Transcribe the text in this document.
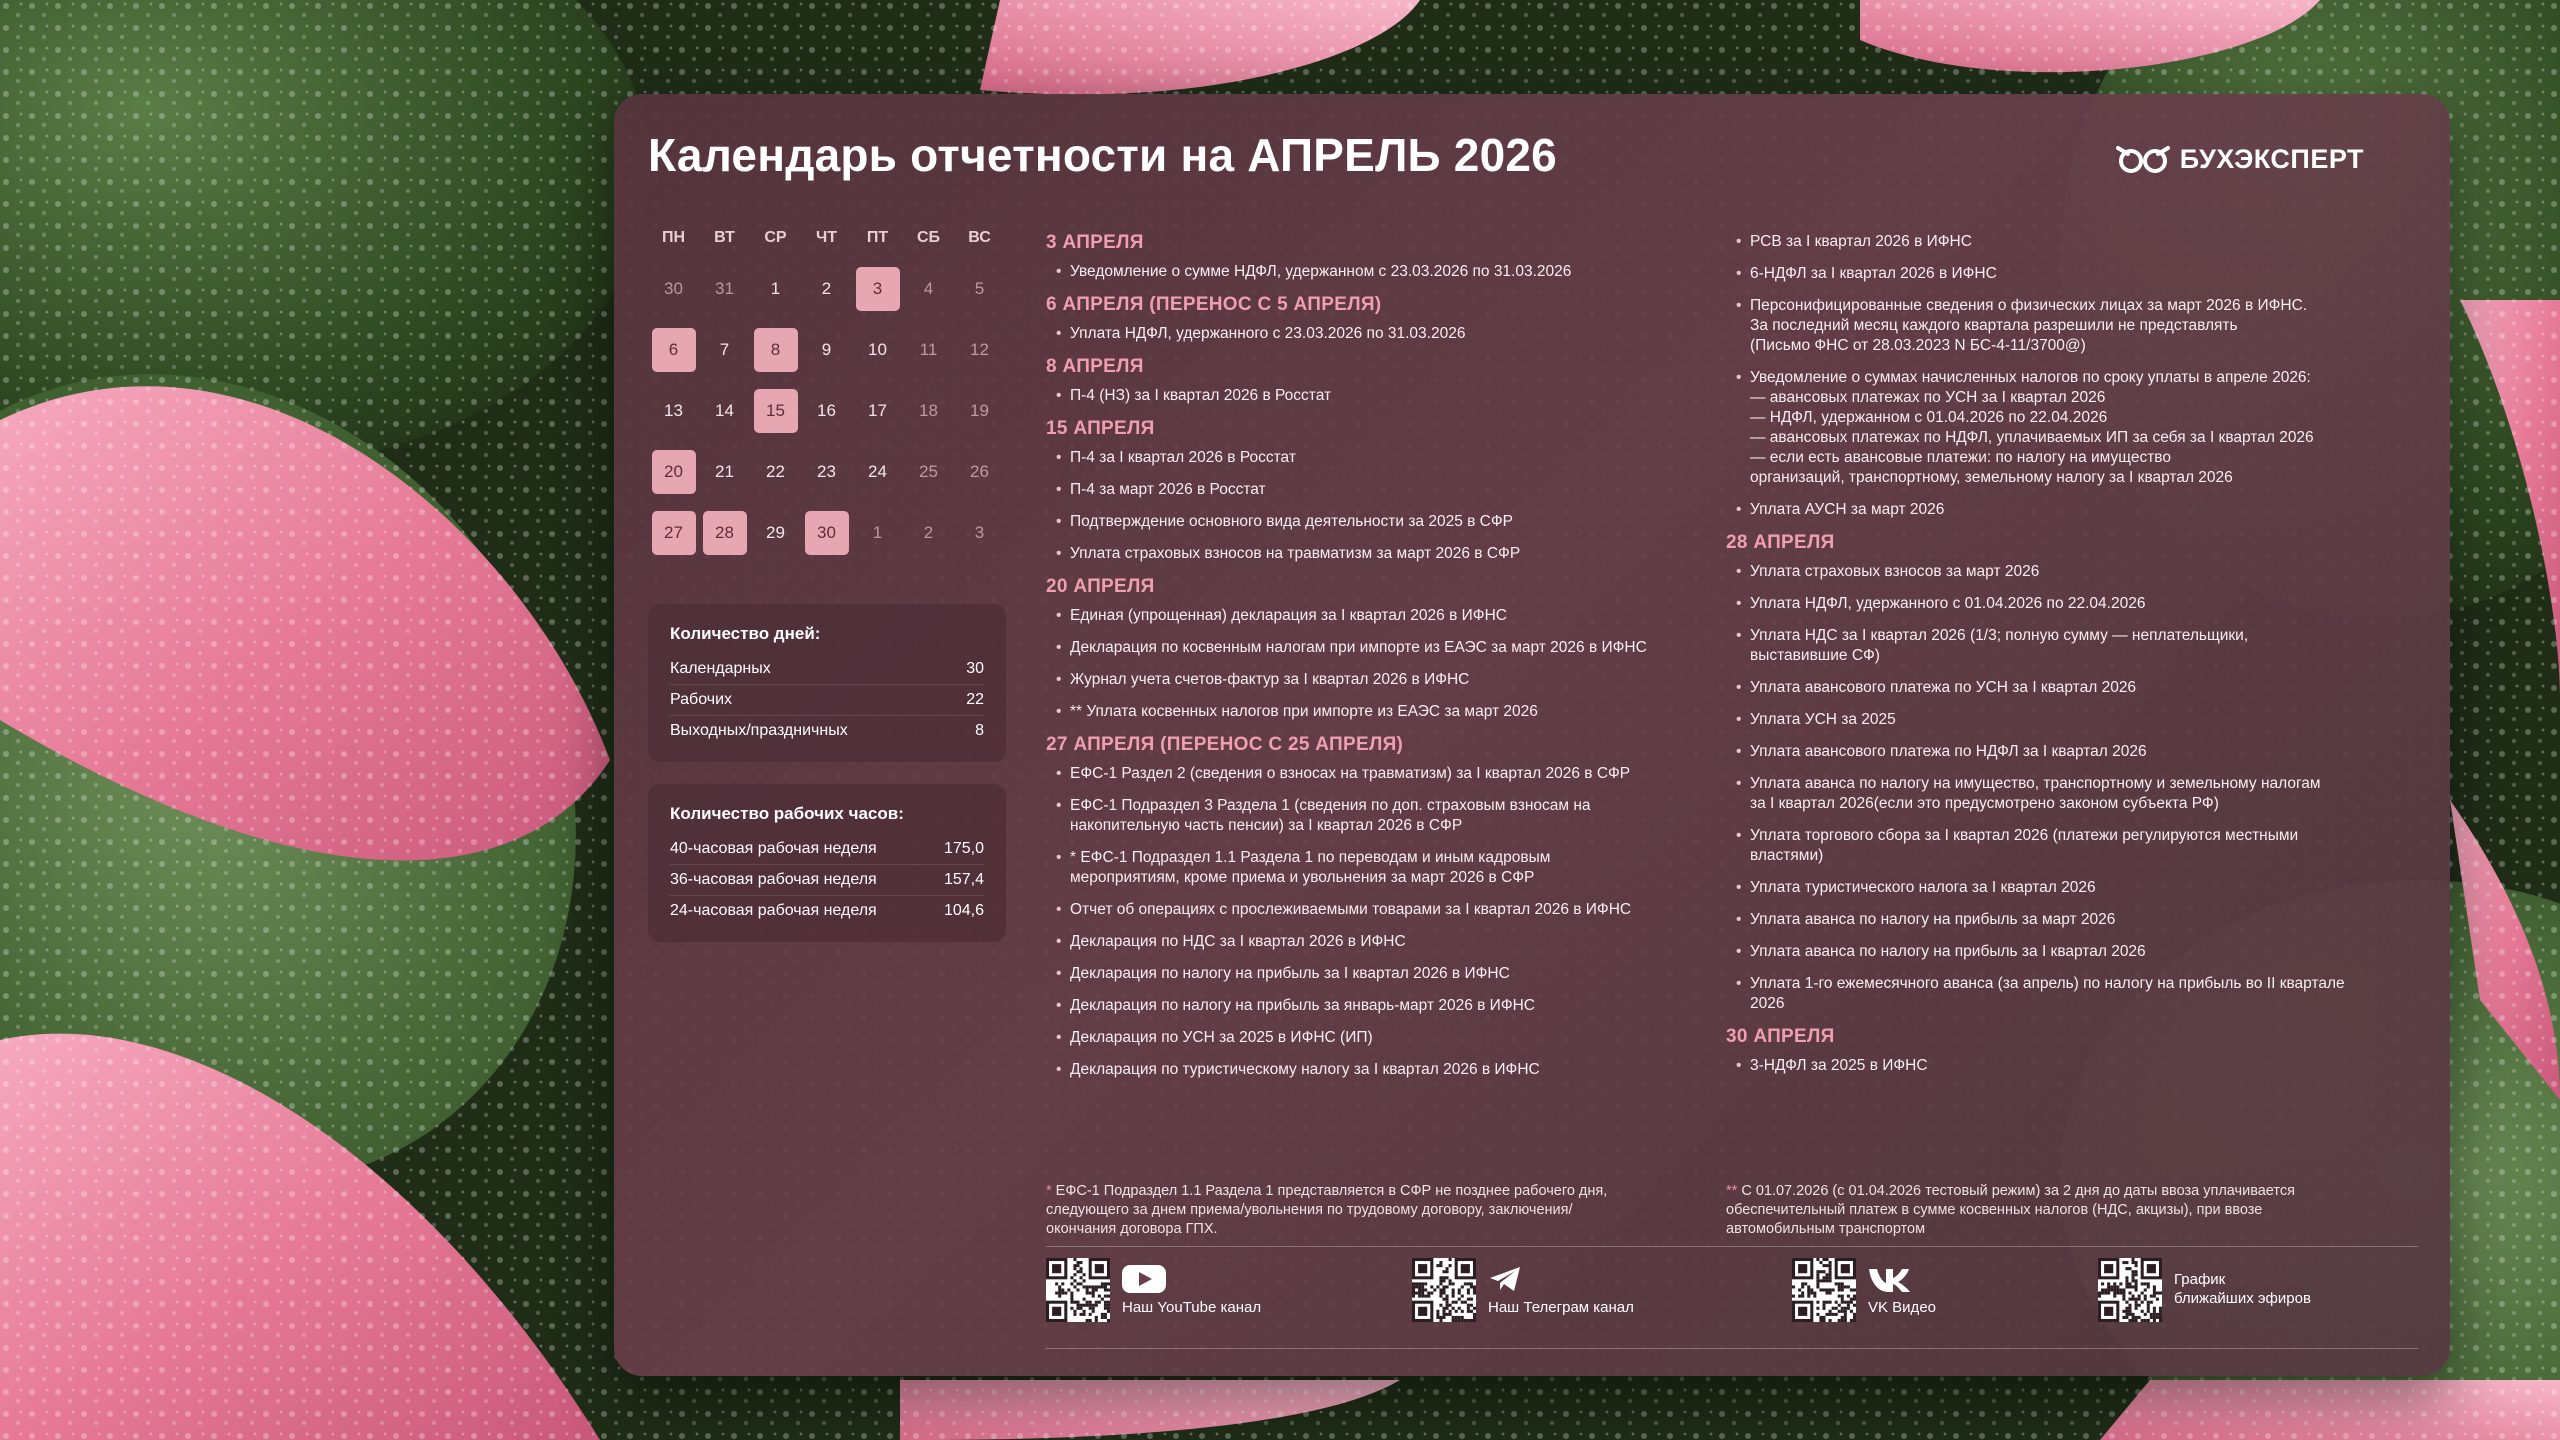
Календарь отчетности на АПРЕЛЬ 2026	БУХЭКСПЕРТ
ПН	ВТ	СР	ЧТ	ПТ	СБ	ВС
30	31	1	2	3	4	5
6	7	8	9	10	11	12
13	14	15	16	17	18	19
20	21	22	23	24	25	26
27	28	29	30	1	2	3
Количество дней:
Календарных	30
Рабочих	22
Выходных/праздничных	8
Количество рабочих часов:
40-часовая рабочая неделя	175,0
36-часовая рабочая неделя	157,4
24-часовая рабочая неделя	104,6
3 АПРЕЛЯ
• Уведомление о сумме НДФЛ, удержанном с 23.03.2026 по 31.03.2026
6 АПРЕЛЯ (ПЕРЕНОС С 5 АПРЕЛЯ)
• Уплата НДФЛ, удержанного с 23.03.2026 по 31.03.2026
8 АПРЕЛЯ
• П-4 (НЗ) за I квартал 2026 в Росстат
15 АПРЕЛЯ
• П-4 за I квартал 2026 в Росстат
• П-4 за март 2026 в Росстат
• Подтверждение основного вида деятельности за 2025 в СФР
• Уплата страховых взносов на травматизм за март 2026 в СФР
20 АПРЕЛЯ
• Единая (упрощенная) декларация за I квартал 2026 в ИФНС
• Декларация по косвенным налогам при импорте из ЕАЭС за март 2026 в ИФНС
• Журнал учета счетов-фактур за I квартал 2026 в ИФНС
• ** Уплата косвенных налогов при импорте из ЕАЭС за март 2026
27 АПРЕЛЯ (ПЕРЕНОС С 25 АПРЕЛЯ)
• ЕФС-1 Раздел 2 (сведения о взносах на травматизм) за I квартал 2026 в СФР
• ЕФС-1 Подраздел 3 Раздела 1 (сведения по доп. страховым взносам на
накопительную часть пенсии) за I квартал 2026 в СФР
• * ЕФС-1 Подраздел 1.1 Раздела 1 по переводам и иным кадровым
мероприятиям, кроме приема и увольнения за март 2026 в СФР
• Отчет об операциях с прослеживаемыми товарами за I квартал 2026 в ИФНС
• Декларация по НДС за I квартал 2026 в ИФНС
• Декларация по налогу на прибыль за I квартал 2026 в ИФНС
• Декларация по налогу на прибыль за январь-март 2026 в ИФНС
• Декларация по УСН за 2025 в ИФНС (ИП)
• Декларация по туристическому налогу за I квартал 2026 в ИФНС
• РСВ за I квартал 2026 в ИФНС
• 6-НДФЛ за I квартал 2026 в ИФНС
• Персонифицированные сведения о физических лицах за март 2026 в ИФНС.
За последний месяц каждого квартала разрешили не представлять
(Письмо ФНС от 28.03.2023 N БС-4-11/3700@)
• Уведомление о суммах начисленных налогов по сроку уплаты в апреле 2026:
— авансовых платежах по УСН за I квартал 2026
— НДФЛ, удержанном с 01.04.2026 по 22.04.2026
— авансовых платежах по НДФЛ, уплачиваемых ИП за себя за I квартал 2026
— если есть авансовые платежи: по налогу на имущество
организаций, транспортному, земельному налогу за I квартал 2026
• Уплата АУСН за март 2026
28 АПРЕЛЯ
• Уплата страховых взносов за март 2026
• Уплата НДФЛ, удержанного с 01.04.2026 по 22.04.2026
• Уплата НДС за I квартал 2026 (1/3; полную сумму — неплательщики,
выставившие СФ)
• Уплата авансового платежа по УСН за I квартал 2026
• Уплата УСН за 2025
• Уплата авансового платежа по НДФЛ за I квартал 2026
• Уплата аванса по налогу на имущество, транспортному и земельному налогам
за I квартал 2026(если это предусмотрено законом субъекта РФ)
• Уплата торгового сбора за I квартал 2026 (платежи регулируются местными
властями)
• Уплата туристического налога за I квартал 2026
• Уплата аванса по налогу на прибыль за март 2026
• Уплата аванса по налогу на прибыль за I квартал 2026
• Уплата 1-го ежемесячного аванса (за апрель) по налогу на прибыль во II квартале
2026
30 АПРЕЛЯ
• 3-НДФЛ за 2025 в ИФНС
* ЕФС-1 Подраздел 1.1 Раздела 1 представляется в СФР не позднее рабочего дня,
следующего за днем приема/увольнения по трудовому договору, заключения/
окончания договора ГПХ.
** С 01.07.2026 (с 01.04.2026 тестовый режим) за 2 дня до даты ввоза уплачивается
обеспечительный платеж в сумме косвенных налогов (НДС, акцизы), при ввозе
автомобильным транспортом
Наш YouTube канал	Наш Телеграм канал	VK Видео
График
ближайших эфиров
